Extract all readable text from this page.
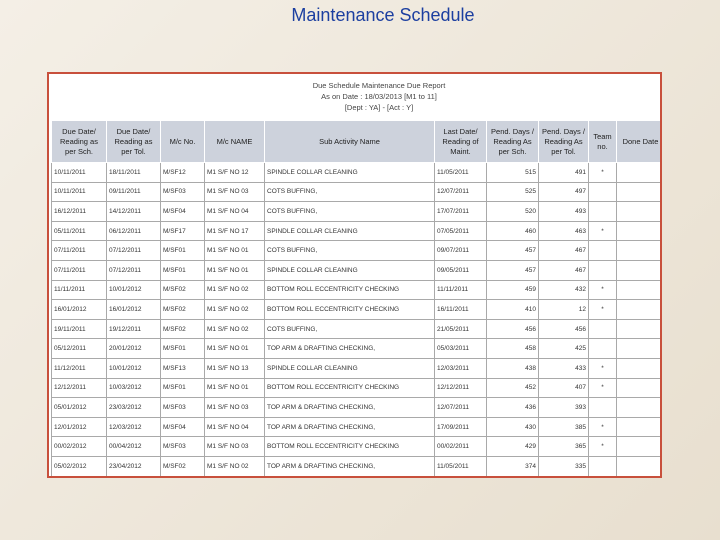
Maintenance Schedule
Due Schedule Maintenance Due Report
As on Date : 18/03/2013 [M1 to 11]
[Dept : YA] - [Act : Y]
Due Date/ Reading as per Sch.	Due Date/ Reading as per Tol.	M/c No.	M/c NAME	Sub Activity Name	Last Date/ Reading of Maint.	Pend. Days / Reading As per Sch.	Pend. Days / Reading As per Tol.	Team no.	Done Date
10/11/2011	18/11/2011	M/SF12	M1 S/F NO 12	SPINDLE COLLAR CLEANING	11/05/2011	515	491	*	
10/11/2011	09/11/2011	M/SF03	M1 S/F NO 03	COTS BUFFING,	12/07/2011	525	497		
16/12/2011	14/12/2011	M/SF04	M1 S/F NO 04	COTS BUFFING,	17/07/2011	520	493		
05/11/2011	06/12/2011	M/SF17	M1 S/F NO 17	SPINDLE COLLAR CLEANING	07/05/2011	460	463	*	
07/11/2011	07/12/2011	M/SF01	M1 S/F NO 01	COTS BUFFING,	09/07/2011	457	467		
07/11/2011	07/12/2011	M/SF01	M1 S/F NO 01	SPINDLE COLLAR CLEANING	09/05/2011	457	467		
11/11/2011	10/01/2012	M/SF02	M1 S/F NO 02	BOTTOM ROLL ECCENTRICITY CHECKING	11/11/2011	459	432	*	
16/01/2012	16/01/2012	M/SF02	M1 S/F NO 02	BOTTOM ROLL ECCENTRICITY CHECKING	16/11/2011	410	12	*	
19/11/2011	19/12/2011	M/SF02	M1 S/F NO 02	COTS BUFFING,	21/05/2011	456	456		
05/12/2011	20/01/2012	M/SF01	M1 S/F NO 01	TOP ARM & DRAFTING CHECKING,	05/03/2011	458	425		
11/12/2011	10/01/2012	M/SF13	M1 S/F NO 13	SPINDLE COLLAR CLEANING	12/03/2011	438	433	*	
12/12/2011	10/03/2012	M/SF01	M1 S/F NO 01	BOTTOM ROLL ECCENTRICITY CHECKING	12/12/2011	452	407	*	
05/01/2012	23/03/2012	M/SF03	M1 S/F NO 03	TOP ARM & DRAFTING CHECKING,	12/07/2011	436	393		
12/01/2012	12/03/2012	M/SF04	M1 S/F NO 04	TOP ARM & DRAFTING CHECKING,	17/09/2011	430	385	*	
00/02/2012	00/04/2012	M/SF03	M1 S/F NO 03	BOTTOM ROLL ECCENTRICITY CHECKING	00/02/2011	429	365	*	
05/02/2012	23/04/2012	M/SF02	M1 S/F NO 02	TOP ARM & DRAFTING CHECKING,	11/05/2011	374	335		
